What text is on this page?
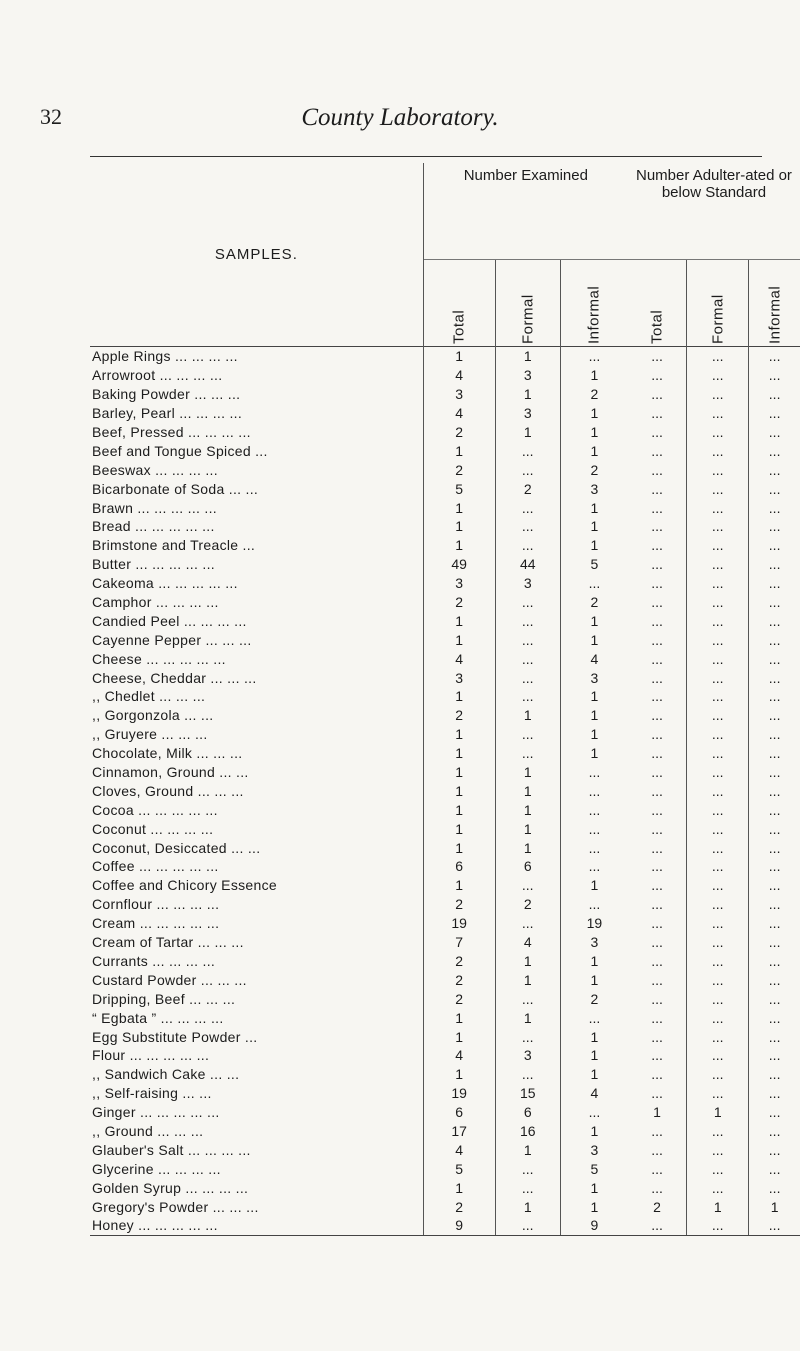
32	County Laboratory.
SAMPLES.	Number Examined			Number Adulter-ated or below Standard		

	Total	Formal	Informal	Total	Formal	Informal

Apple Rings ... ... ... ...	1	1	...	...	...	...
Arrowroot ... ... ... ...	4	3	1	...	...	...
Baking Powder ... ... ...	3	1	2	...	...	...
Barley, Pearl ... ... ... ...	4	3	1	...	...	...
Beef, Pressed ... ... ... ...	2	1	1	...	...	...
Beef and Tongue Spiced ...	1	...	1	...	...	...
Beeswax ... ... ... ...	2	...	2	...	...	...
Bicarbonate of Soda ... ...	5	2	3	...	...	...
Brawn ... ... ... ... ...	1	...	1	...	...	...
Bread ... ... ... ... ...	1	...	1	...	...	...
Brimstone and Treacle ...	1	...	1	...	...	...
Butter ... ... ... ... ...	49	44	5	...	...	...
Cakeoma ... ... ... ... ...	3	3	...	...	...	...
Camphor ... ... ... ...	2	...	2	...	...	...
Candied Peel ... ... ... ...	1	...	1	...	...	...
Cayenne Pepper ... ... ...	1	...	1	...	...	...
Cheese ... ... ... ... ...	4	...	4	...	...	...
Cheese, Cheddar ... ... ...	3	...	3	...	...	...
,, Chedlet ... ... ...	1	...	1	...	...	...
,, Gorgonzola ... ...	2	1	1	...	...	...
,, Gruyere ... ... ...	1	...	1	...	...	...
Chocolate, Milk ... ... ...	1	...	1	...	...	...
Cinnamon, Ground ... ...	1	1	...	...	...	...
Cloves, Ground ... ... ...	1	1	...	...	...	...
Cocoa ... ... ... ... ...	1	1	...	...	...	...
Coconut ... ... ... ...	1	1	...	...	...	...
Coconut, Desiccated ... ...	1	1	...	...	...	...
Coffee ... ... ... ... ...	6	6	...	...	...	...
Coffee and Chicory Essence	1	...	1	...	...	...
Cornflour ... ... ... ...	2	2	...	...	...	...
Cream ... ... ... ... ...	19	...	19	...	...	...
Cream of Tartar ... ... ...	7	4	3	...	...	...
Currants ... ... ... ...	2	1	1	...	...	...
Custard Powder ... ... ...	2	1	1	...	...	...
Dripping, Beef ... ... ...	2	...	2	...	...	...
“ Egbata ” ... ... ... ...	1	1	...	...	...	...
Egg Substitute Powder ...	1	...	1	...	...	...
Flour ... ... ... ... ...	4	3	1	...	...	...
,, Sandwich Cake ... ...	1	...	1	...	...	...
,, Self-raising ... ...	19	15	4	...	...	...
Ginger ... ... ... ... ...	6	6	...	1	1	...
,, Ground ... ... ...	17	16	1	...	...	...
Glauber's Salt ... ... ... ...	4	1	3	...	...	...
Glycerine ... ... ... ...	5	...	5	...	...	...
Golden Syrup ... ... ... ...	1	...	1	...	...	...
Gregory's Powder ... ... ...	2	1	1	2	1	1
Honey ... ... ... ... ...	9	...	9	...	...	...
